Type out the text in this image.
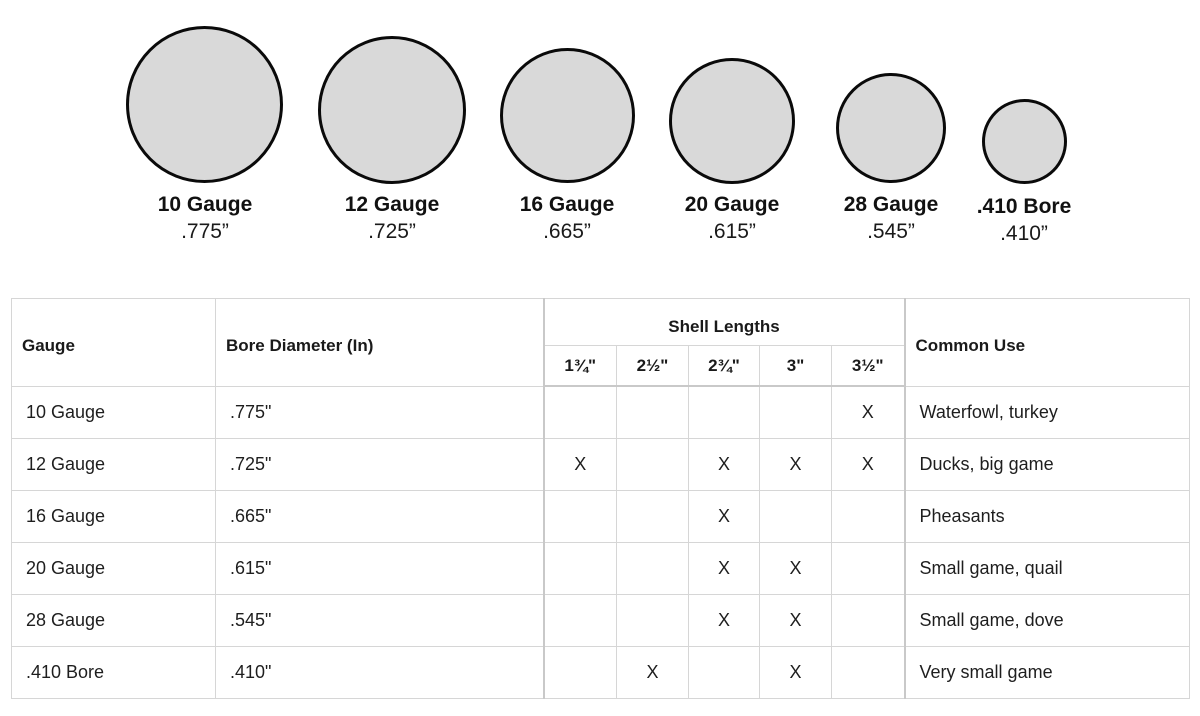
10 Gauge
.775”
12 Gauge
.725”
16 Gauge
.665”
20 Gauge
.615”
28 Gauge
.545”
.410 Bore
.410”
Gauge	Bore Diameter (In)	Shell Lengths					Common Use
		1¾"	2½"	2¾"	3"	3½"	
10 Gauge	.775"					X	Waterfowl, turkey
12 Gauge	.725"	X		X	X	X	Ducks, big game
16 Gauge	.665"			X			Pheasants
20 Gauge	.615"			X	X		Small game, quail
28 Gauge	.545"			X	X		Small game, dove
.410 Bore	.410"		X		X		Very small game
